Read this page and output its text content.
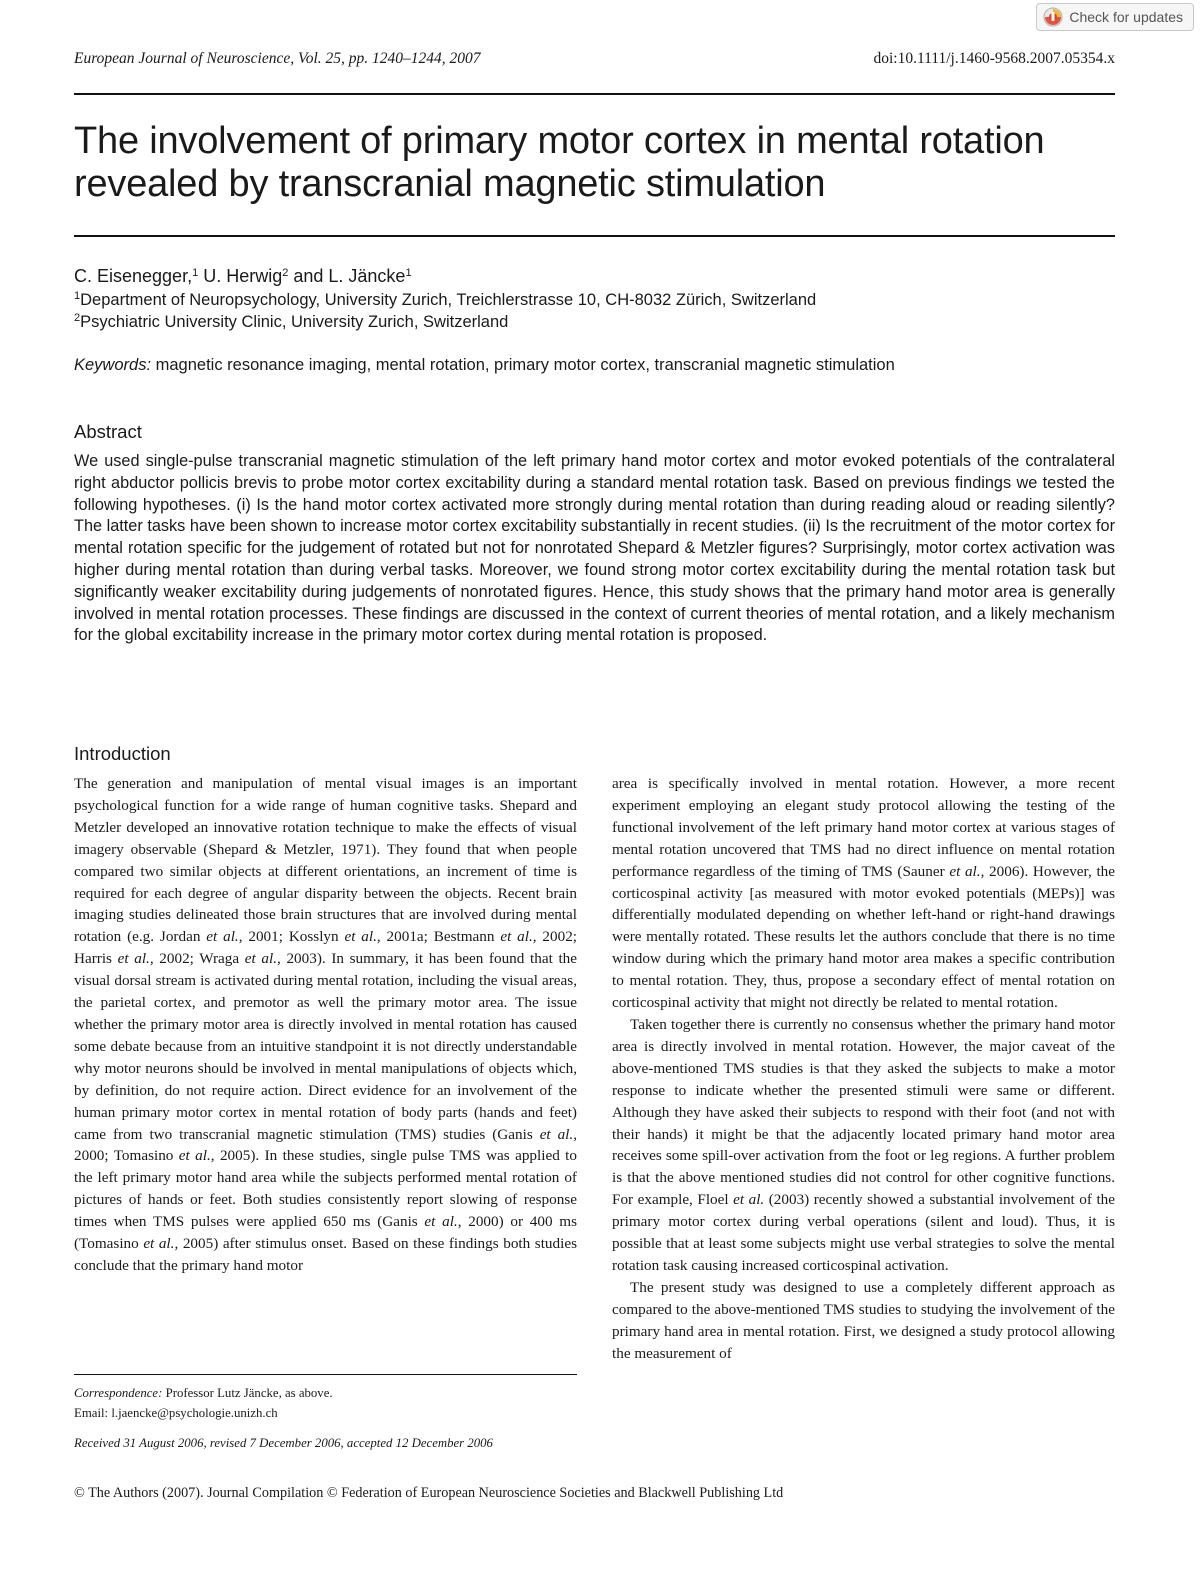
Check for updates
European Journal of Neuroscience, Vol. 25, pp. 1240–1244, 2007	doi:10.1111/j.1460-9568.2007.05354.x
The involvement of primary motor cortex in mental rotation
revealed by transcranial magnetic stimulation
C. Eisenegger,$^1$ U. Herwig$^2$ and L. Jäncke$^1$
$^1$Department of Neuropsychology, University Zurich, Treichlerstrasse 10, CH-8032 Zürich, Switzerland
$^2$Psychiatric University Clinic, University Zurich, Switzerland
Keywords: magnetic resonance imaging, mental rotation, primary motor cortex, transcranial magnetic stimulation
Abstract

We used single-pulse transcranial magnetic stimulation of the left primary hand motor cortex and motor evoked potentials of the contralateral right abductor pollicis brevis to probe motor cortex excitability during a standard mental rotation task. Based on previous findings we tested the following hypotheses. (i) Is the hand motor cortex activated more strongly during mental rotation than during reading aloud or reading silently? The latter tasks have been shown to increase motor cortex excitability substantially in recent studies. (ii) Is the recruitment of the motor cortex for mental rotation specific for the judgement of rotated but not for nonrotated Shepard & Metzler figures? Surprisingly, motor cortex activation was higher during mental rotation than during verbal tasks. Moreover, we found strong motor cortex excitability during the mental rotation task but significantly weaker excitability during judgements of nonrotated figures. Hence, this study shows that the primary hand motor area is generally involved in mental rotation processes. These findings are discussed in the context of current theories of mental rotation, and a likely mechanism for the global excitability increase in the primary motor cortex during mental rotation is proposed.

Introduction

The generation and manipulation of mental visual images is an important psychological function for a wide range of human cognitive tasks. Shepard and Metzler developed an innovative rotation technique to make the effects of visual imagery observable (Shepard & Metzler, 1971). They found that when people compared two similar objects at different orientations, an increment of time is required for each degree of angular disparity between the objects. Recent brain imaging studies delineated those brain structures that are involved during mental rotation (e.g. Jordan et al., 2001; Kosslyn et al., 2001a; Bestmann et al., 2002; Harris et al., 2002; Wraga et al., 2003). In summary, it has been found that the visual dorsal stream is activated during mental rotation, including the visual areas, the parietal cortex, and premotor as well the primary motor area. The issue whether the primary motor area is directly involved in mental rotation has caused some debate because from an intuitive standpoint it is not directly understandable why motor neurons should be involved in mental manipulations of objects which, by definition, do not require action. Direct evidence for an involvement of the human primary motor cortex in mental rotation of body parts (hands and feet) came from two transcranial magnetic stimulation (TMS) studies (Ganis et al., 2000; Tomasino et al., 2005). In these studies, single pulse TMS was applied to the left primary motor hand area while the subjects performed mental rotation of pictures of hands or feet. Both studies consistently report slowing of response times when TMS pulses were applied 650 ms (Ganis et al., 2000) or 400 ms (Tomasino et al., 2005) after stimulus onset. Based on these findings both studies conclude that the primary hand motor

area is specifically involved in mental rotation. However, a more recent experiment employing an elegant study protocol allowing the testing of the functional involvement of the left primary hand motor cortex at various stages of mental rotation uncovered that TMS had no direct influence on mental rotation performance regardless of the timing of TMS (Sauner et al., 2006). However, the corticospinal activity [as measured with motor evoked potentials (MEPs)] was differentially modulated depending on whether left-hand or right-hand drawings were mentally rotated. These results let the authors conclude that there is no time window during which the primary hand motor area makes a specific contribution to mental rotation. They, thus, propose a secondary effect of mental rotation on corticospinal activity that might not directly be related to mental rotation.

Taken together there is currently no consensus whether the primary hand motor area is directly involved in mental rotation. However, the major caveat of the above-mentioned TMS studies is that they asked the subjects to make a motor response to indicate whether the presented stimuli were same or different. Although they have asked their subjects to respond with their foot (and not with their hands) it might be that the adjacently located primary hand motor area receives some spill-over activation from the foot or leg regions. A further problem is that the above mentioned studies did not control for other cognitive functions. For example, Floel et al. (2003) recently showed a substantial involvement of the primary motor cortex during verbal operations (silent and loud). Thus, it is possible that at least some subjects might use verbal strategies to solve the mental rotation task causing increased corticospinal activation.

The present study was designed to use a completely different approach as compared to the above-mentioned TMS studies to studying the involvement of the primary hand area in mental rotation. First, we designed a study protocol allowing the measurement of

Correspondence: Professor Lutz Jäncke, as above.
Email: l.jaencke@psychologie.unizh.ch
Received 31 August 2006, revised 7 December 2006, accepted 12 December 2006
© The Authors (2007). Journal Compilation © Federation of European Neuroscience Societies and Blackwell Publishing Ltd
